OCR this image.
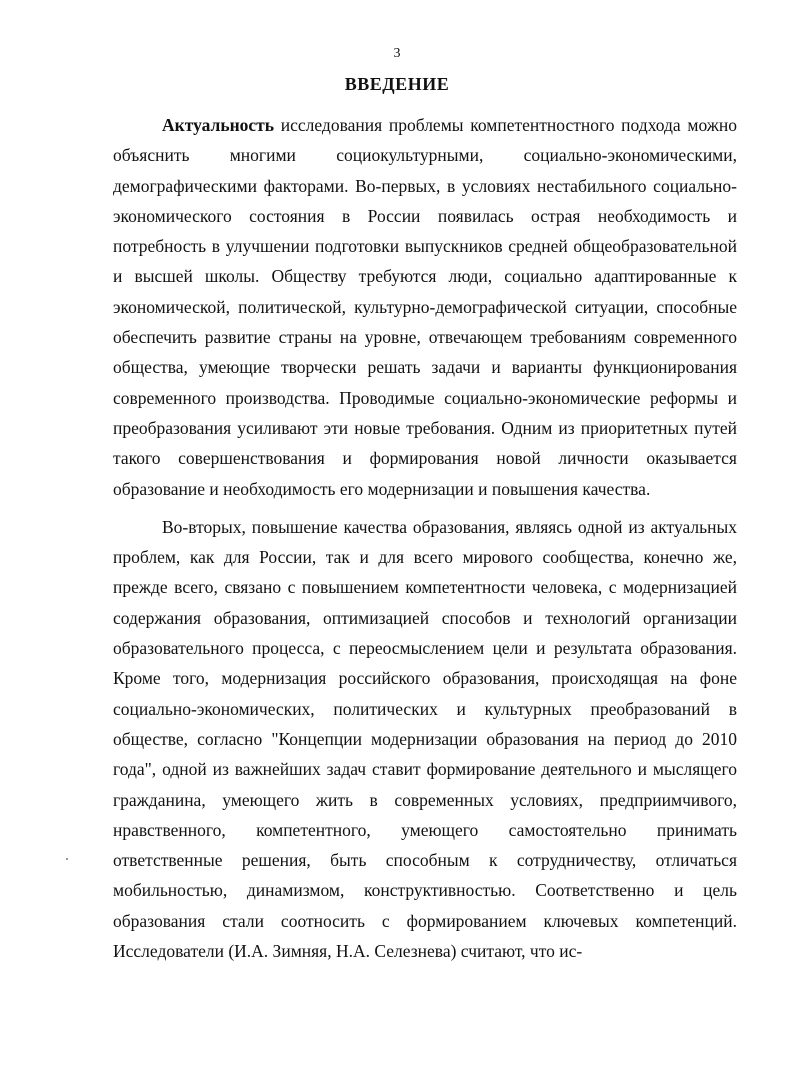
3
ВВЕДЕНИЕ

Актуальность исследования проблемы компетентностного подхода можно объяснить многими социокультурными, социально-экономическими, демографическими факторами. Во-первых, в условиях нестабильного социально-экономического состояния в России появилась острая необходимость и потребность в улучшении подготовки выпускников средней общеобразовательной и высшей школы. Обществу требуются люди, социально адаптированные к экономической, политической, культурно-демографической ситуации, способные обеспечить развитие страны на уровне, отвечающем требованиям современного общества, умеющие творчески решать задачи и варианты функционирования современного производства. Проводимые социально-экономические реформы и преобразования усиливают эти новые требования. Одним из приоритетных путей такого совершенствования и формирования новой личности оказывается образование и необходимость его модернизации и повышения качества.

Во-вторых, повышение качества образования, являясь одной из актуальных проблем, как для России, так и для всего мирового сообщества, конечно же, прежде всего, связано с повышением компетентности человека, с модернизацией содержания образования, оптимизацией способов и технологий организации образовательного процесса, с переосмыслением цели и результата образования. Кроме того, модернизация российского образования, происходящая на фоне социально-экономических, политических и культурных преобразований в обществе, согласно "Концепции модернизации образования на период до 2010 года", одной из важнейших задач ставит формирование деятельного и мыслящего гражданина, умеющего жить в современных условиях, предприимчивого, нравственного, компетентного, умеющего самостоятельно принимать ответственные решения, быть способным к сотрудничеству, отличаться мобильностью, динамизмом, конструктивностью. Соответственно и цель образования стали соотносить с формированием ключевых компетенций. Исследователи (И.А. Зимняя, Н.А. Селезнева) считают, что ис-
